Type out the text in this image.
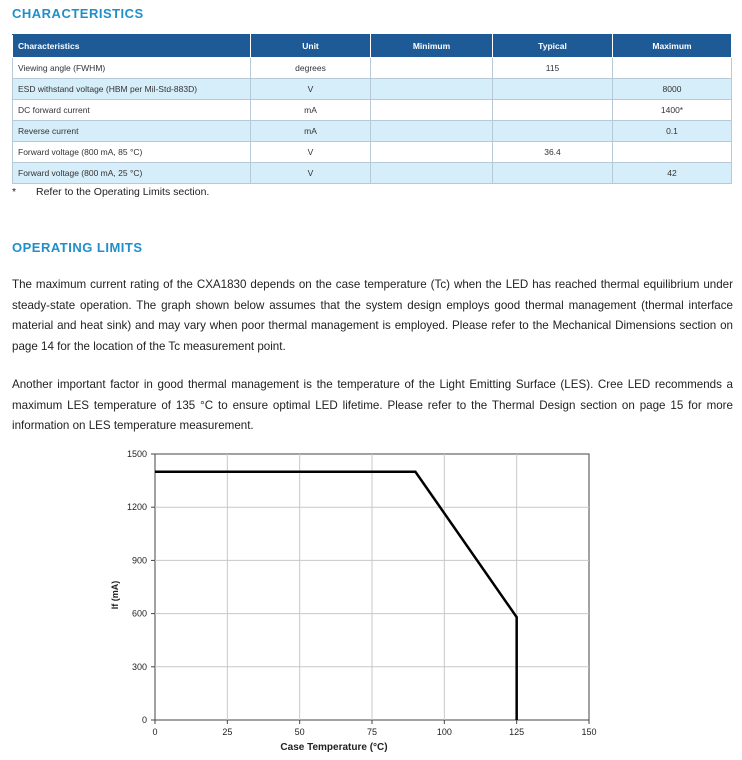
CHARACTERISTICS
Characteristics	Unit	Minimum	Typical	Maximum
Viewing angle (FWHM)	degrees		115	
ESD withstand voltage (HBM per Mil-Std-883D)	V			8000
DC forward current	mA			1400*
Reverse current	mA			0.1
Forward voltage (800 mA, 85 °C)	V		36.4	
Forward voltage (800 mA, 25 °C)	V			42
* Refer to the Operating Limits section.
OPERATING LIMITS
The maximum current rating of the CXA1830 depends on the case temperature (Tc) when the LED has reached thermal equilibrium under steady-state operation. The graph shown below assumes that the system design employs good thermal management (thermal interface material and heat sink) and may vary when poor thermal management is employed. Please refer to the Mechanical Dimensions section on page 14 for the location of the Tc measurement point.
Another important factor in good thermal management is the temperature of the Light Emitting Surface (LES). Cree LED recommends a maximum LES temperature of 135 °C to ensure optimal LED lifetime. Please refer to the Thermal Design section on page 15 for more information on LES temperature measurement.
0	25	50	75	100	125	150
0
300
600
900
1200
1500
Case Temperature (°C)
If (mA)
